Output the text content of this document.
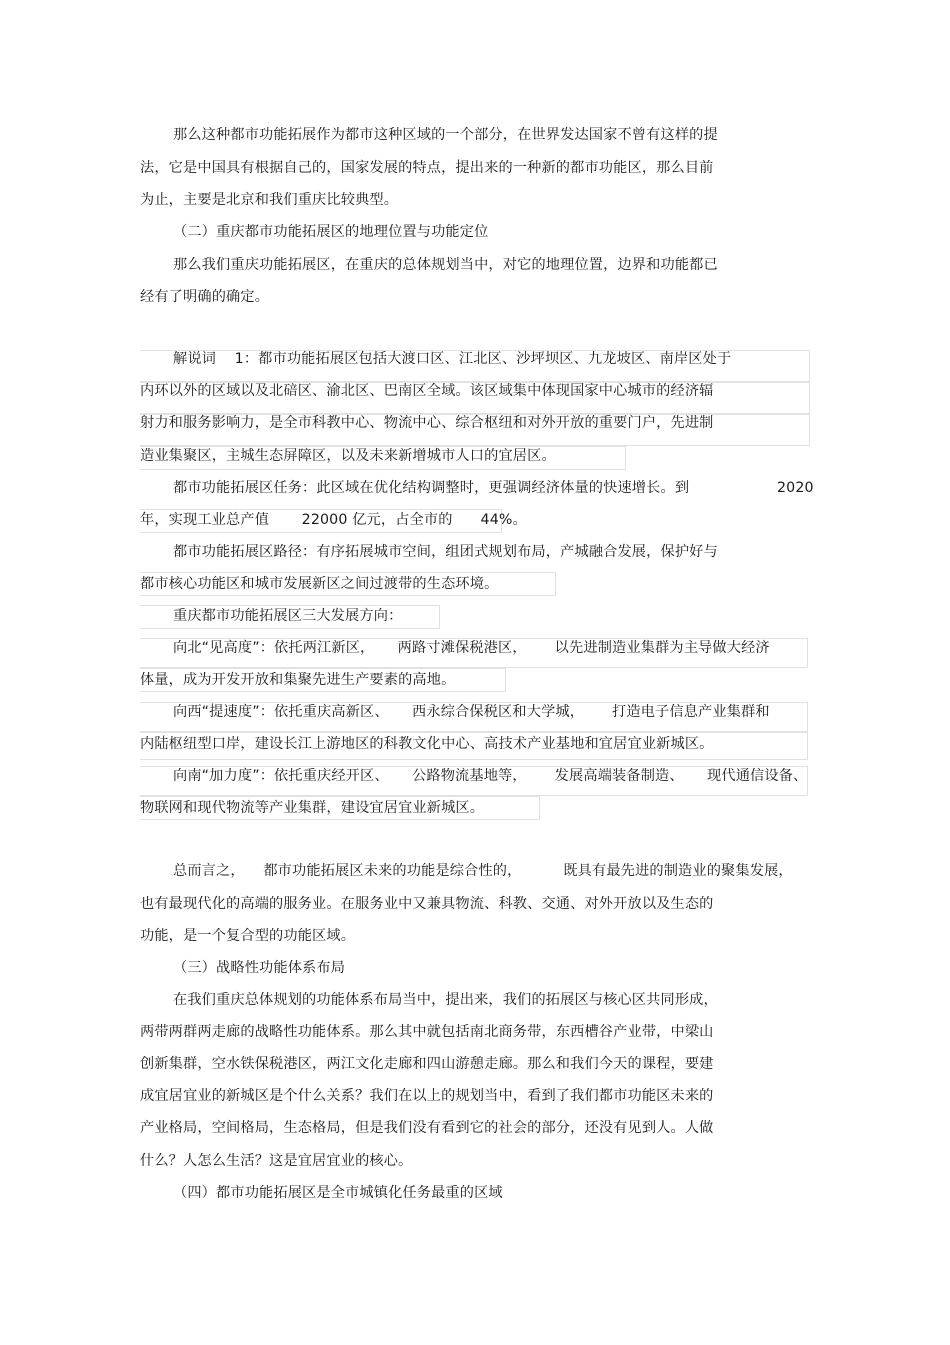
那么这种都市功能拓展作为都市这种区域的一个部分，在世界发达国家不曾有这样的提
法，它是中国具有根据自己的，国家发展的特点，提出来的一种新的都市功能区，那么目前
为止，主要是北京和我们重庆比较典型。
（二）重庆都市功能拓展区的地理位置与功能定位
那么我们重庆功能拓展区，在重庆的总体规划当中，对它的地理位置，边界和功能都已
经有了明确的确定。
解说词    1：都市功能拓展区包括大渡口区、江北区、沙坪坝区、九龙坡区、南岸区处于
内环以外的区域以及北碚区、渝北区、巴南区全域。该区域集中体现国家中心城市的经济辐
射力和服务影响力，是全市科教中心、物流中心、综合枢纽和对外开放的重要门户，先进制
造业集聚区，主城生态屏障区，以及未来新增城市人口的宜居区。
都市功能拓展区任务：此区域在优化结构调整时，更强调经济体量的快速增长。到	2020
年，实现工业总产值       22000 亿元，占全市的      44%。
都市功能拓展区路径：有序拓展城市空间，组团式规划布局，产城融合发展，保护好与
都市核心功能区和城市发展新区之间过渡带的生态环境。
重庆都市功能拓展区三大发展方向：
向北“见高度”：依托两江新区，     两路寸滩保税港区，      以先进制造业集群为主导做大经济
体量，成为开发开放和集聚先进生产要素的高地。
向西“提速度”：依托重庆高新区、     西永综合保税区和大学城，      打造电子信息产业集群和
内陆枢纽型口岸，建设长江上游地区的科教文化中心、高技术产业基地和宜居宜业新城区。
向南“加力度”：依托重庆经开区、     公路物流基地等，      发展高端装备制造、     现代通信设备、
物联网和现代物流等产业集群，建设宜居宜业新城区。
总而言之，    都市功能拓展区未来的功能是综合性的，         既具有最先进的制造业的聚集发展，
也有最现代化的高端的服务业。在服务业中又兼具物流、科教、交通、对外开放以及生态的
功能，是一个复合型的功能区域。
（三）战略性功能体系布局
在我们重庆总体规划的功能体系布局当中，提出来，我们的拓展区与核心区共同形成，
两带两群两走廊的战略性功能体系。那么其中就包括南北商务带，东西槽谷产业带，中梁山
创新集群，空水铁保税港区，两江文化走廊和四山游憩走廊。那么和我们今天的课程，要建
成宜居宜业的新城区是个什么关系？我们在以上的规划当中，看到了我们都市功能区未来的
产业格局，空间格局，生态格局，但是我们没有看到它的社会的部分，还没有见到人。人做
什么？人怎么生活？这是宜居宜业的核心。
（四）都市功能拓展区是全市城镇化任务最重的区域
